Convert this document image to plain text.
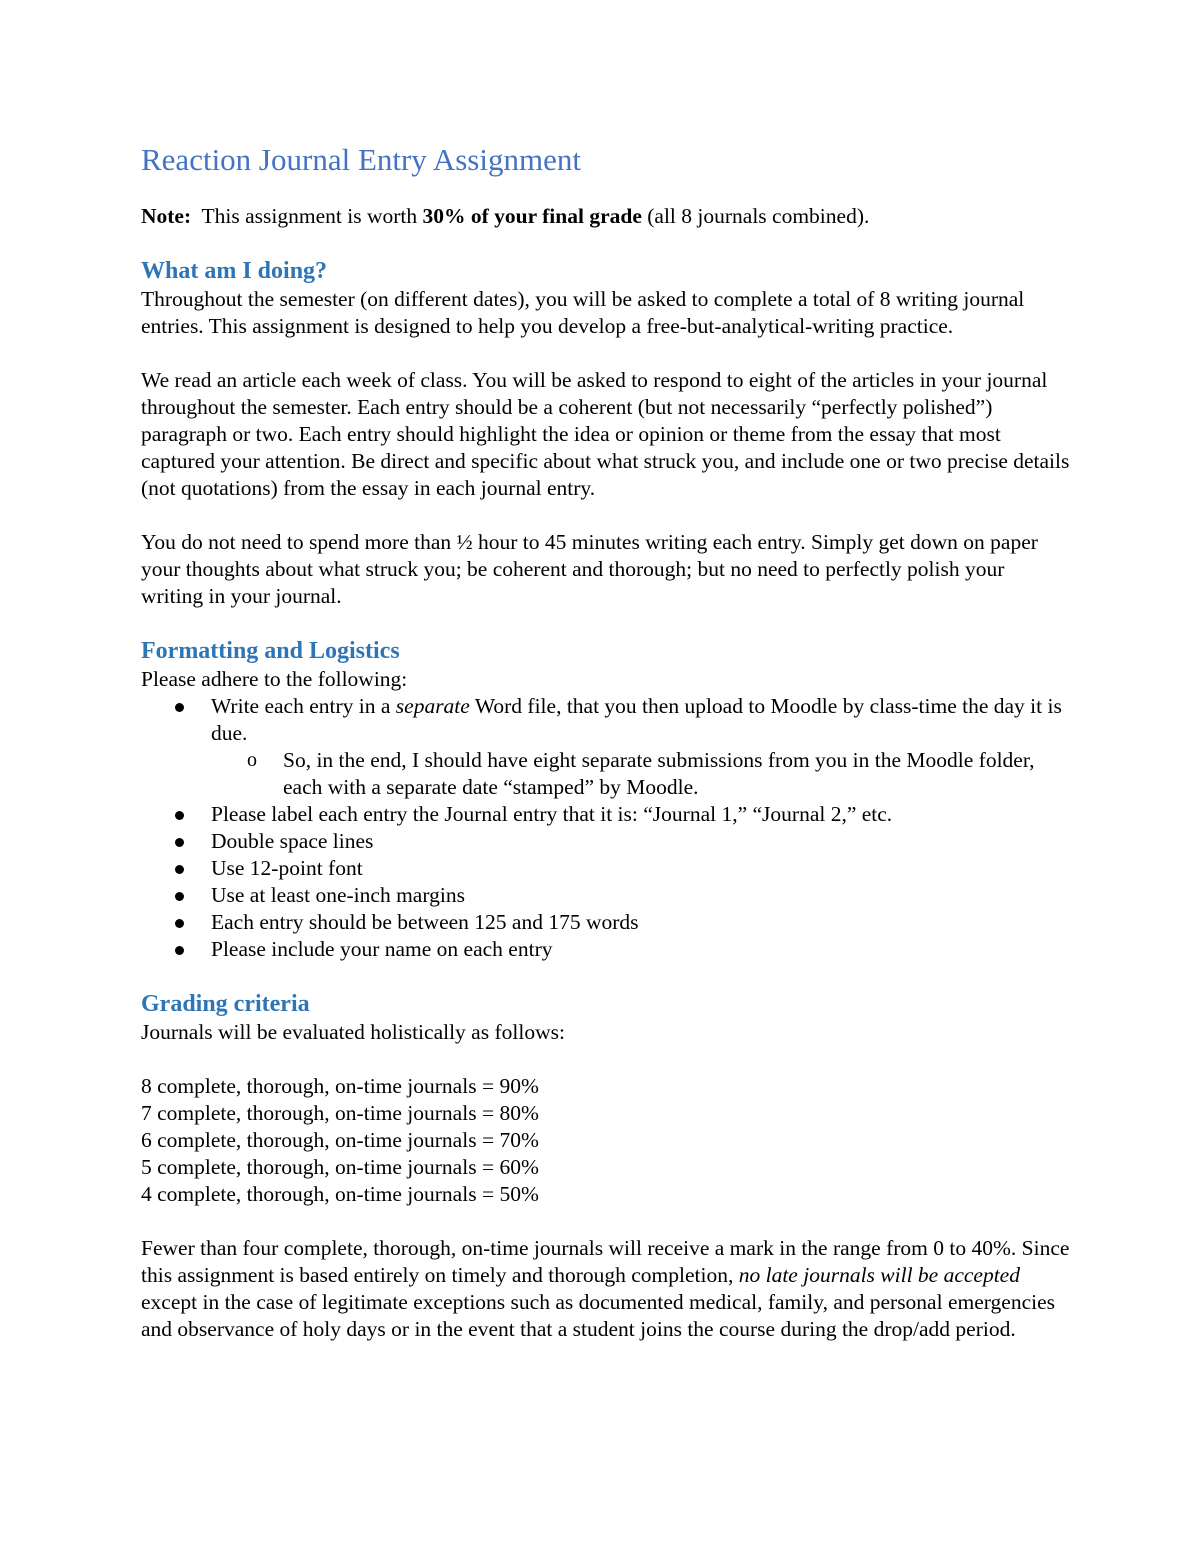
Reaction Journal Entry Assignment

Note: This assignment is worth 30% of your final grade (all 8 journals combined).

What am I doing?

Throughout the semester (on different dates), you will be asked to complete a total of 8 writing journal entries. This assignment is designed to help you develop a free-but-analytical-writing practice.

We read an article each week of class. You will be asked to respond to eight of the articles in your journal throughout the semester. Each entry should be a coherent (but not necessarily “perfectly polished”) paragraph or two. Each entry should highlight the idea or opinion or theme from the essay that most captured your attention. Be direct and specific about what struck you, and include one or two precise details (not quotations) from the essay in each journal entry.

You do not need to spend more than ½ hour to 45 minutes writing each entry. Simply get down on paper your thoughts about what struck you; be coherent and thorough; but no need to perfectly polish your writing in your journal.

Formatting and Logistics

Please adhere to the following:

Write each entry in a separate Word file, that you then upload to Moodle by class-time the day it is due.
o So, in the end, I should have eight separate submissions from you in the Moodle folder, each with a separate date “stamped” by Moodle.
Please label each entry the Journal entry that it is: “Journal 1,” “Journal 2,” etc.
Double space lines
Use 12-point font
Use at least one-inch margins
Each entry should be between 125 and 175 words
Please include your name on each entry
Grading criteria

Journals will be evaluated holistically as follows:

8 complete, thorough, on-time journals = 90%

7 complete, thorough, on-time journals = 80%

6 complete, thorough, on-time journals = 70%

5 complete, thorough, on-time journals = 60%

4 complete, thorough, on-time journals = 50%

Fewer than four complete, thorough, on-time journals will receive a mark in the range from 0 to 40%. Since this assignment is based entirely on timely and thorough completion, no late journals will be accepted except in the case of legitimate exceptions such as documented medical, family, and personal emergencies and observance of holy days or in the event that a student joins the course during the drop/add period.
